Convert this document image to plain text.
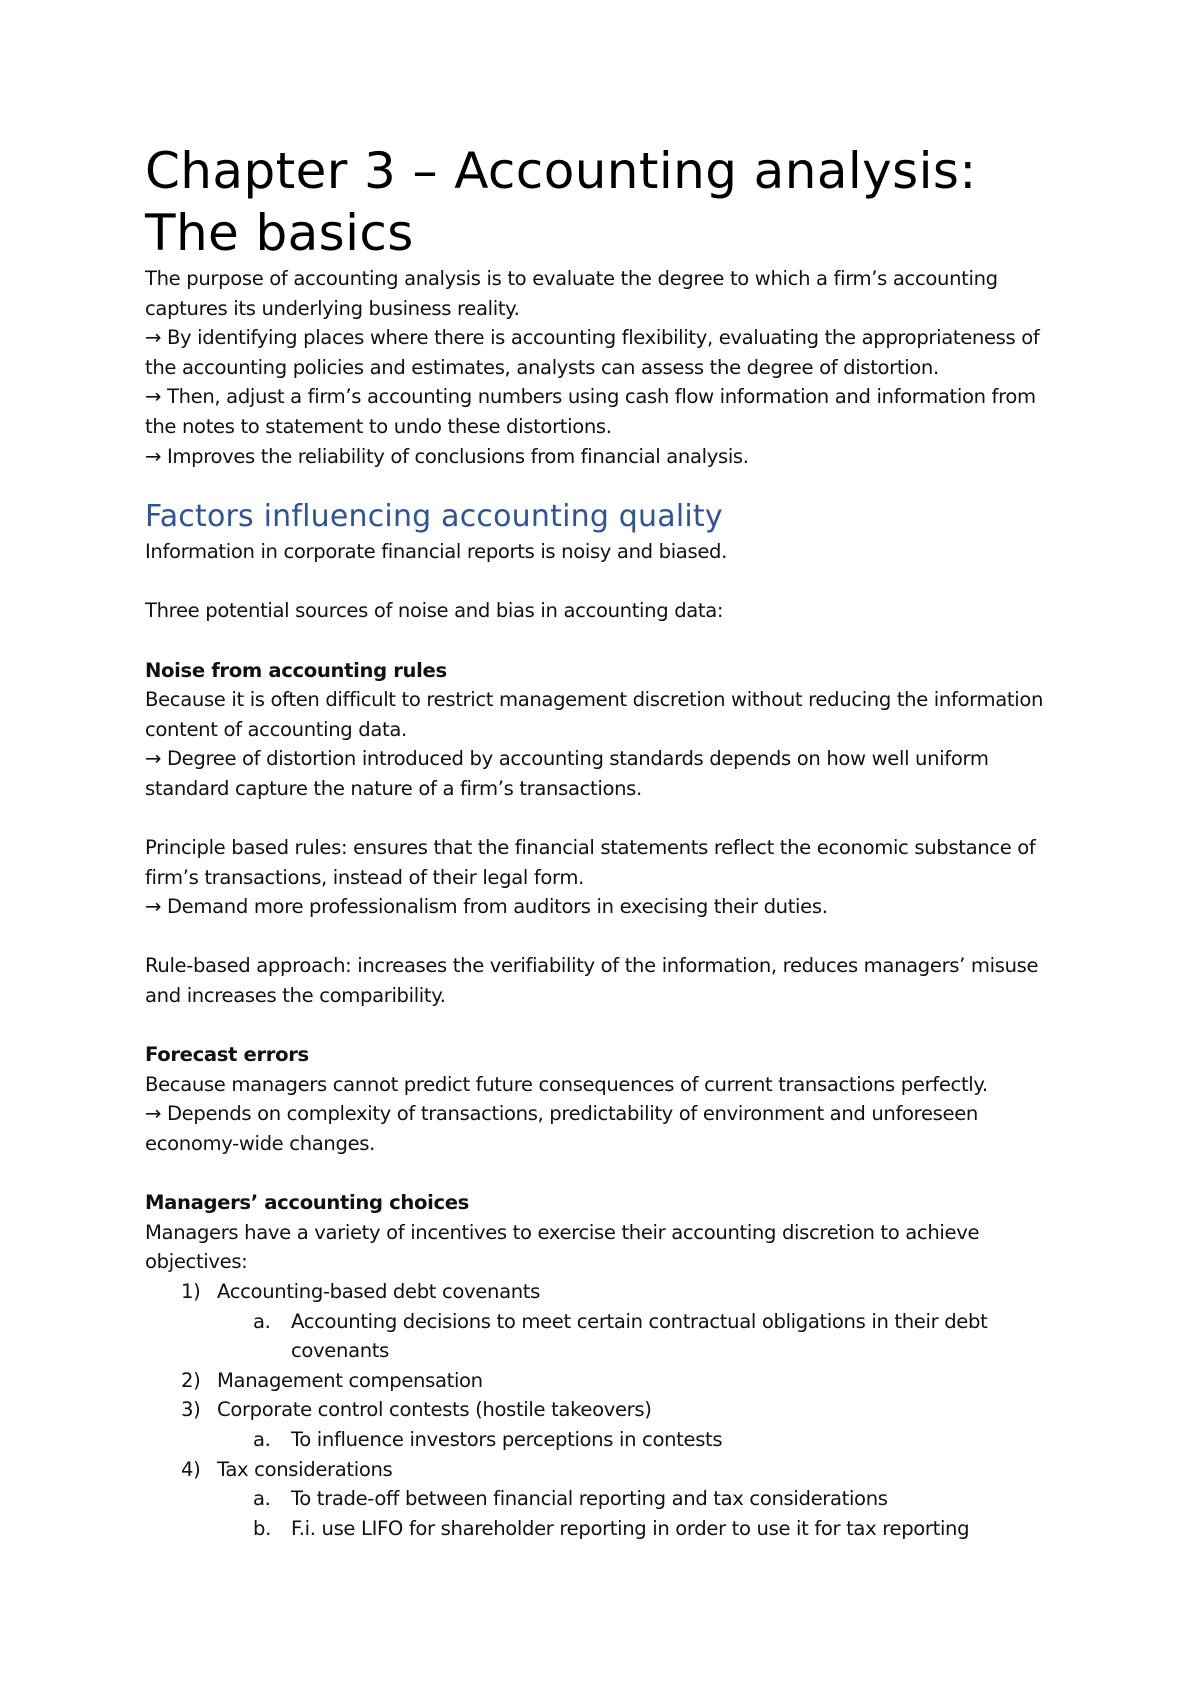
Chapter 3 – Accounting analysis:
The basics

The purpose of accounting analysis is to evaluate the degree to which a firm’s accounting captures its underlying business reality.

→ By identifying places where there is accounting flexibility, evaluating the appropriateness of the accounting policies and estimates, analysts can assess the degree of distortion.

→ Then, adjust a firm’s accounting numbers using cash flow information and information from the notes to statement to undo these distortions.

→ Improves the reliability of conclusions from financial analysis.

Factors influencing accounting quality

Information in corporate financial reports is noisy and biased.

Three potential sources of noise and bias in accounting data:

Noise from accounting rules

Because it is often difficult to restrict management discretion without reducing the information content of accounting data.

→ Degree of distortion introduced by accounting standards depends on how well uniform standard capture the nature of a firm’s transactions.

Principle based rules: ensures that the financial statements reflect the economic substance of firm’s transactions, instead of their legal form.

→ Demand more professionalism from auditors in execising their duties.

Rule-based approach: increases the verifiability of the information, reduces managers’ misuse and increases the comparibility.

Forecast errors

Because managers cannot predict future consequences of current transactions perfectly.

→ Depends on complexity of transactions, predictability of environment and unforeseen economy-wide changes.

Managers’ accounting choices

Managers have a variety of incentives to exercise their accounting discretion to achieve objectives:

1) Accounting-based debt covenants
a. Accounting decisions to meet certain contractual obligations in their debt covenants
2) Management compensation
3) Corporate control contests (hostile takeovers)
a. To influence investors perceptions in contests
4) Tax considerations
a. To trade-off between financial reporting and tax considerations
b. F.i. use LIFO for shareholder reporting in order to use it for tax reporting
